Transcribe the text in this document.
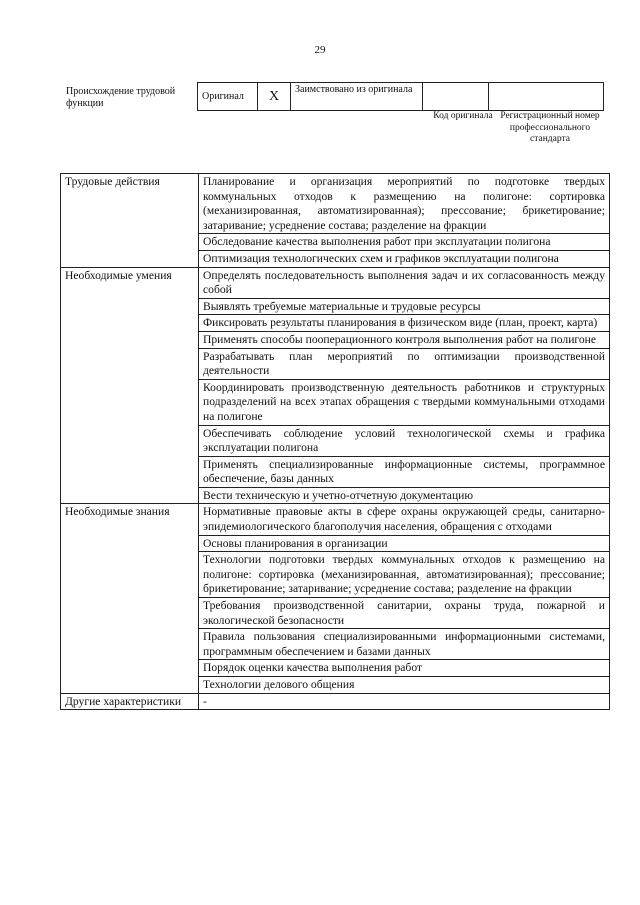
29
Происхождение трудовой функции
Оригинал	X	Заимствовано из оригинала		
Код оригинала Регистрационный номер профессионального стандарта
Трудовые действия	Планирование и организация мероприятий по подготовке твердых коммунальных отходов к размещению на полигоне: сортировка (механизированная, автоматизированная); прессование; брикетирование; затаривание; усреднение состава; разделение на фракции
	Обследование качества выполнения работ при эксплуатации полигона
	Оптимизация технологических схем и графиков эксплуатации полигона
Необходимые умения	Определять последовательность выполнения задач и их согласованность между собой
	Выявлять требуемые материальные и трудовые ресурсы
	Фиксировать результаты планирования в физическом виде (план, проект, карта)
	Применять способы пооперационного контроля выполнения работ на полигоне
	Разрабатывать план мероприятий по оптимизации производственной деятельности
	Координировать производственную деятельность работников и структурных подразделений на всех этапах обращения с твердыми коммунальными отходами на полигоне
	Обеспечивать соблюдение условий технологической схемы и графика эксплуатации полигона
	Применять специализированные информационные системы, программное обеспечение, базы данных
	Вести техническую и учетно-отчетную документацию
Необходимые знания	Нормативные правовые акты в сфере охраны окружающей среды, санитарно-эпидемиологического благополучия населения, обращения с отходами
	Основы планирования в организации
	Технологии подготовки твердых коммунальных отходов к размещению на полигоне: сортировка (механизированная, автоматизированная); прессование; брикетирование; затаривание; усреднение состава; разделение на фракции
	Требования производственной санитарии, охраны труда, пожарной и экологической безопасности
	Правила пользования специализированными информационными системами, программным обеспечением и базами данных
	Порядок оценки качества выполнения работ
	Технологии делового общения
Другие характеристики	-
